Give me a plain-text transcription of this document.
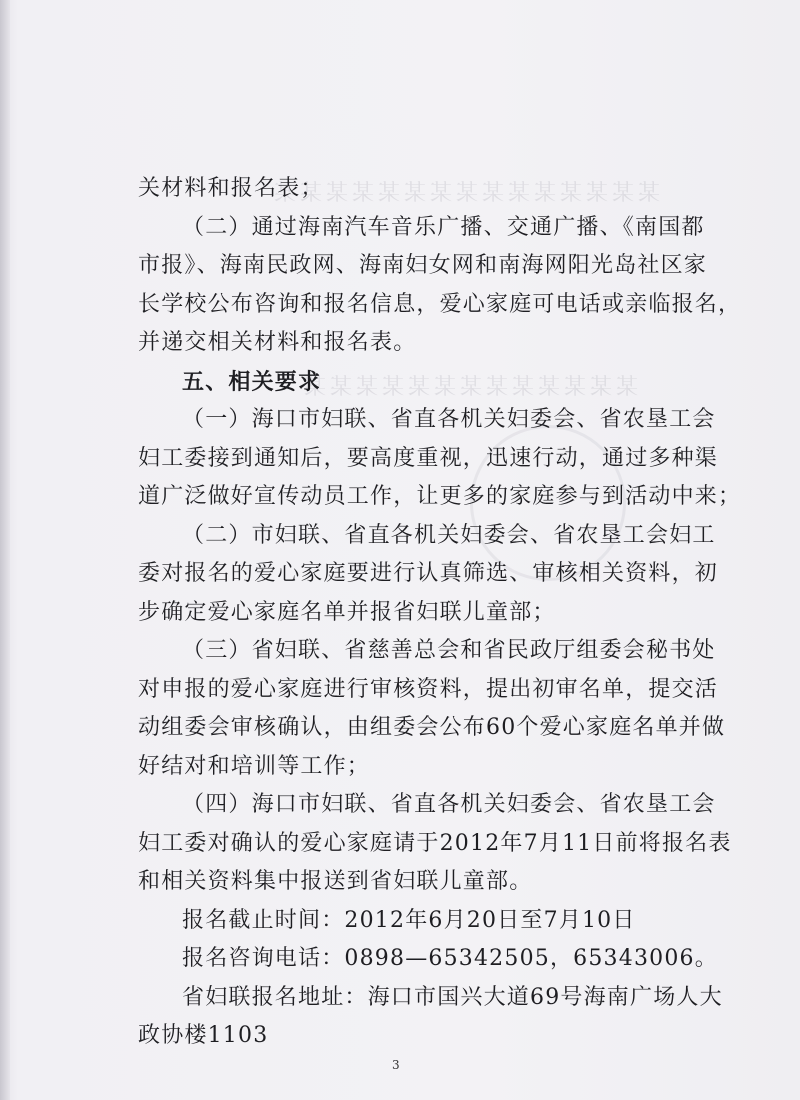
某某某某某某某某某某某某某某某
某某某某某某某某某某某某某
关材料和报名表；
（二）通过海南汽车音乐广播、交通广播、《南国都
市报》、海南民政网、海南妇女网和南海网阳光岛社区家
长学校公布咨询和报名信息，爱心家庭可电话或亲临报名，
并递交相关材料和报名表。
五、相关要求
（一）海口市妇联、省直各机关妇委会、省农垦工会
妇工委接到通知后，要高度重视，迅速行动，通过多种渠
道广泛做好宣传动员工作，让更多的家庭参与到活动中来；
（二）市妇联、省直各机关妇委会、省农垦工会妇工
委对报名的爱心家庭要进行认真筛选、审核相关资料，初
步确定爱心家庭名单并报省妇联儿童部；
（三）省妇联、省慈善总会和省民政厅组委会秘书处
对申报的爱心家庭进行审核资料，提出初审名单，提交活
动组委会审核确认，由组委会公布60个爱心家庭名单并做
好结对和培训等工作；
（四）海口市妇联、省直各机关妇委会、省农垦工会
妇工委对确认的爱心家庭请于2012年7月11日前将报名表
和相关资料集中报送到省妇联儿童部。
报名截止时间：2012年6月20日至7月10日
报名咨询电话：0898—65342505，65343006。
省妇联报名地址：海口市国兴大道69号海南广场人大
政协楼1103
3
